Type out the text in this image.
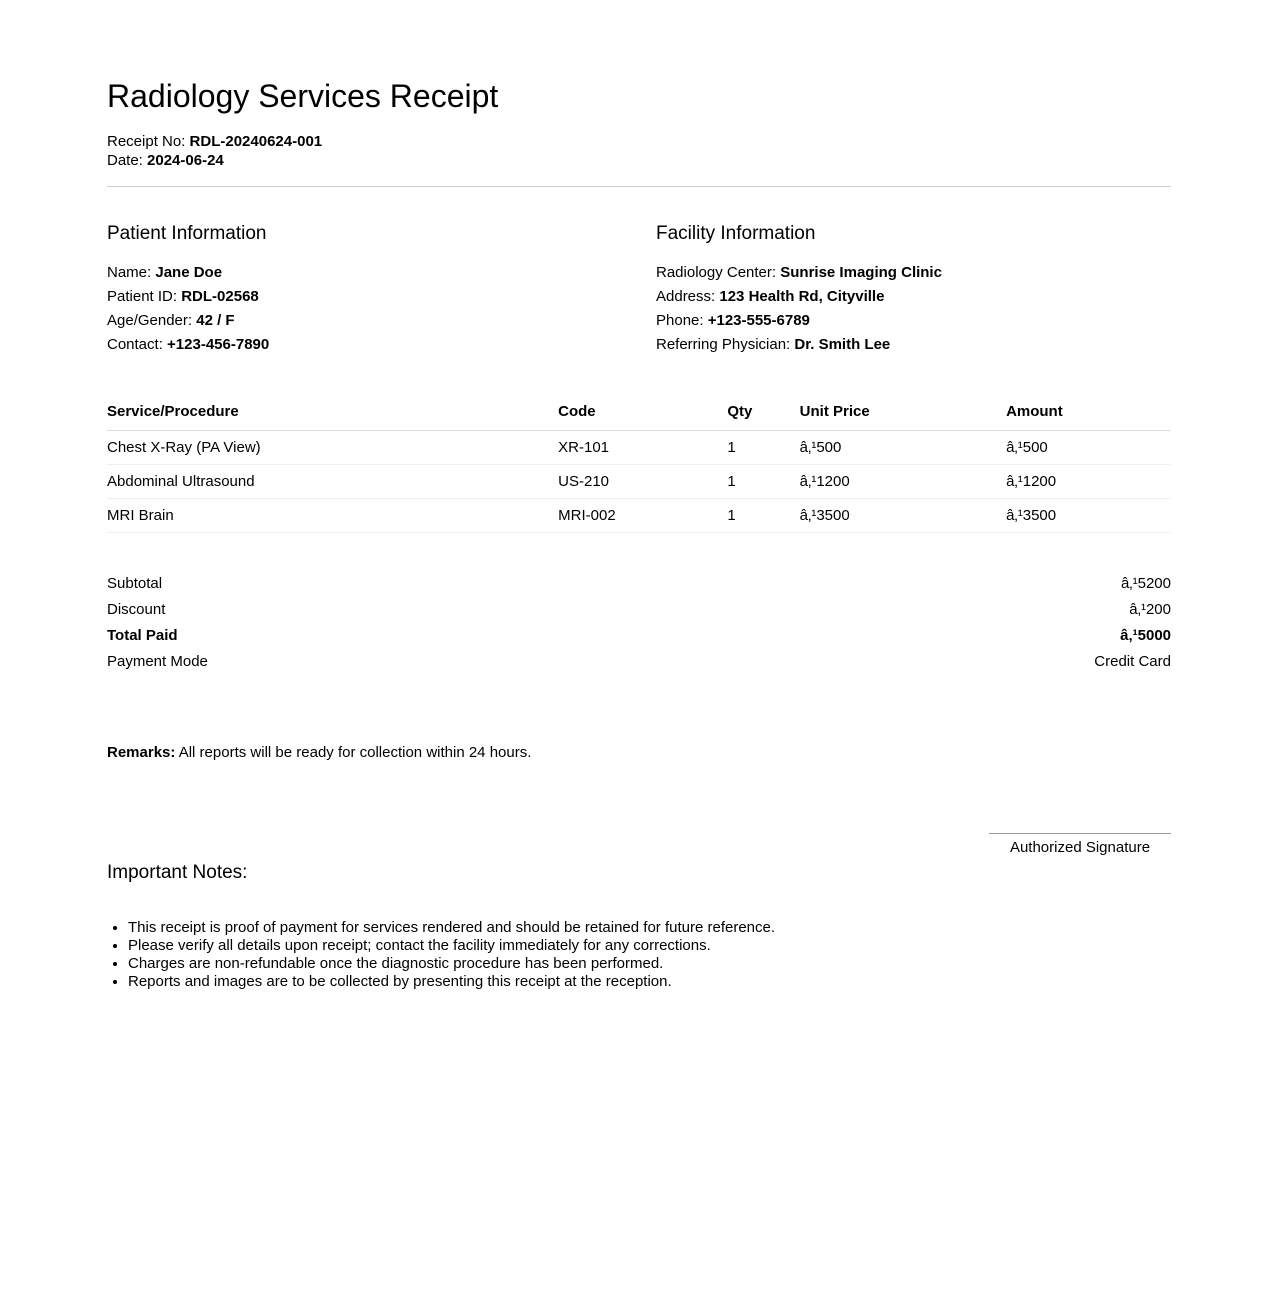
Radiology Services Receipt
Receipt No: RDL-20240624-001
Date: 2024-06-24
Patient Information
Name: Jane Doe
Patient ID: RDL-02568
Age/Gender: 42 / F
Contact: +123-456-7890
Facility Information
Radiology Center: Sunrise Imaging Clinic
Address: 123 Health Rd, Cityville
Phone: +123-555-6789
Referring Physician: Dr. Smith Lee
Service/Procedure	Code	Qty	Unit Price	Amount
Chest X-Ray (PA View)	XR-101	1	â‚¹500	â‚¹500
Abdominal Ultrasound	US-210	1	â‚¹1200	â‚¹1200
MRI Brain	MRI-002	1	â‚¹3500	â‚¹3500
Subtotal	â‚¹5200
Discount	â‚¹200
Total Paid	â‚¹5000
Payment Mode	Credit Card

Remarks: All reports will be ready for collection within 24 hours.

Authorized Signature
Important Notes:
• This receipt is proof of payment for services rendered and should be retained for future reference.
• Please verify all details upon receipt; contact the facility immediately for any corrections.
• Charges are non-refundable once the diagnostic procedure has been performed.
• Reports and images are to be collected by presenting this receipt at the reception.
